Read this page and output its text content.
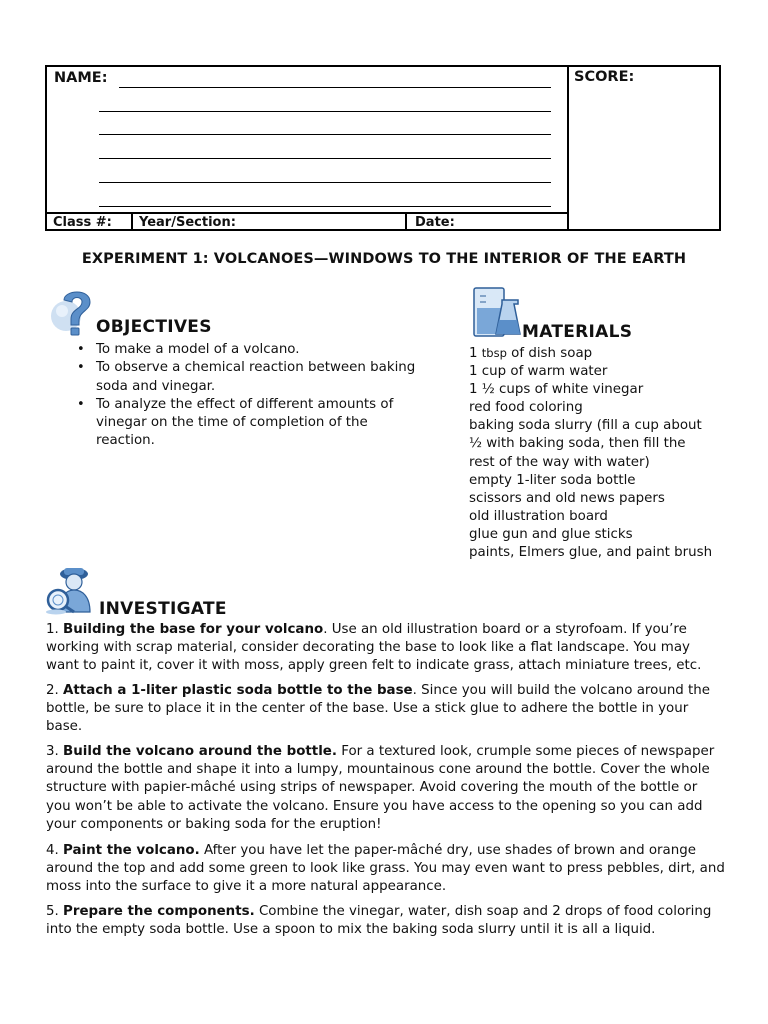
NAME:	SCORE:
Class #:	Year/Section:	Date:
EXPERIMENT 1: VOLCANOES—WINDOWS TO THE INTERIOR OF THE EARTH
OBJECTIVES
• To make a model of a volcano.
• To observe a chemical reaction between baking soda and vinegar.
• To analyze the effect of different amounts of vinegar on the time of completion of the reaction.
MATERIALS
1 tbsp of dish soap
1 cup of warm water
1 ½ cups of white vinegar
red food coloring
baking soda slurry (fill a cup about
½ with baking soda, then fill the
rest of the way with water)
empty 1-liter soda bottle
scissors and old news papers
old illustration board
glue gun and glue sticks
paints, Elmers glue, and paint brush
INVESTIGATE
1. Building the base for your volcano. Use an old illustration board or a styrofoam. If you’re working with scrap material, consider decorating the base to look like a flat landscape. You may want to paint it, cover it with moss, apply green felt to indicate grass, attach miniature trees, etc.
2. Attach a 1-liter plastic soda bottle to the base. Since you will build the volcano around the bottle, be sure to place it in the center of the base. Use a stick glue to adhere the bottle in your base.
3. Build the volcano around the bottle. For a textured look, crumple some pieces of newspaper around the bottle and shape it into a lumpy, mountainous cone around the bottle. Cover the whole structure with papier-mâché using strips of newspaper. Avoid covering the mouth of the bottle or you won’t be able to activate the volcano. Ensure you have access to the opening so you can add your components or baking soda for the eruption!
4. Paint the volcano. After you have let the paper-mâché dry, use shades of brown and orange around the top and add some green to look like grass. You may even want to press pebbles, dirt, and moss into the surface to give it a more natural appearance.
5. Prepare the components. Combine the vinegar, water, dish soap and 2 drops of food coloring into the empty soda bottle. Use a spoon to mix the baking soda slurry until it is all a liquid.
